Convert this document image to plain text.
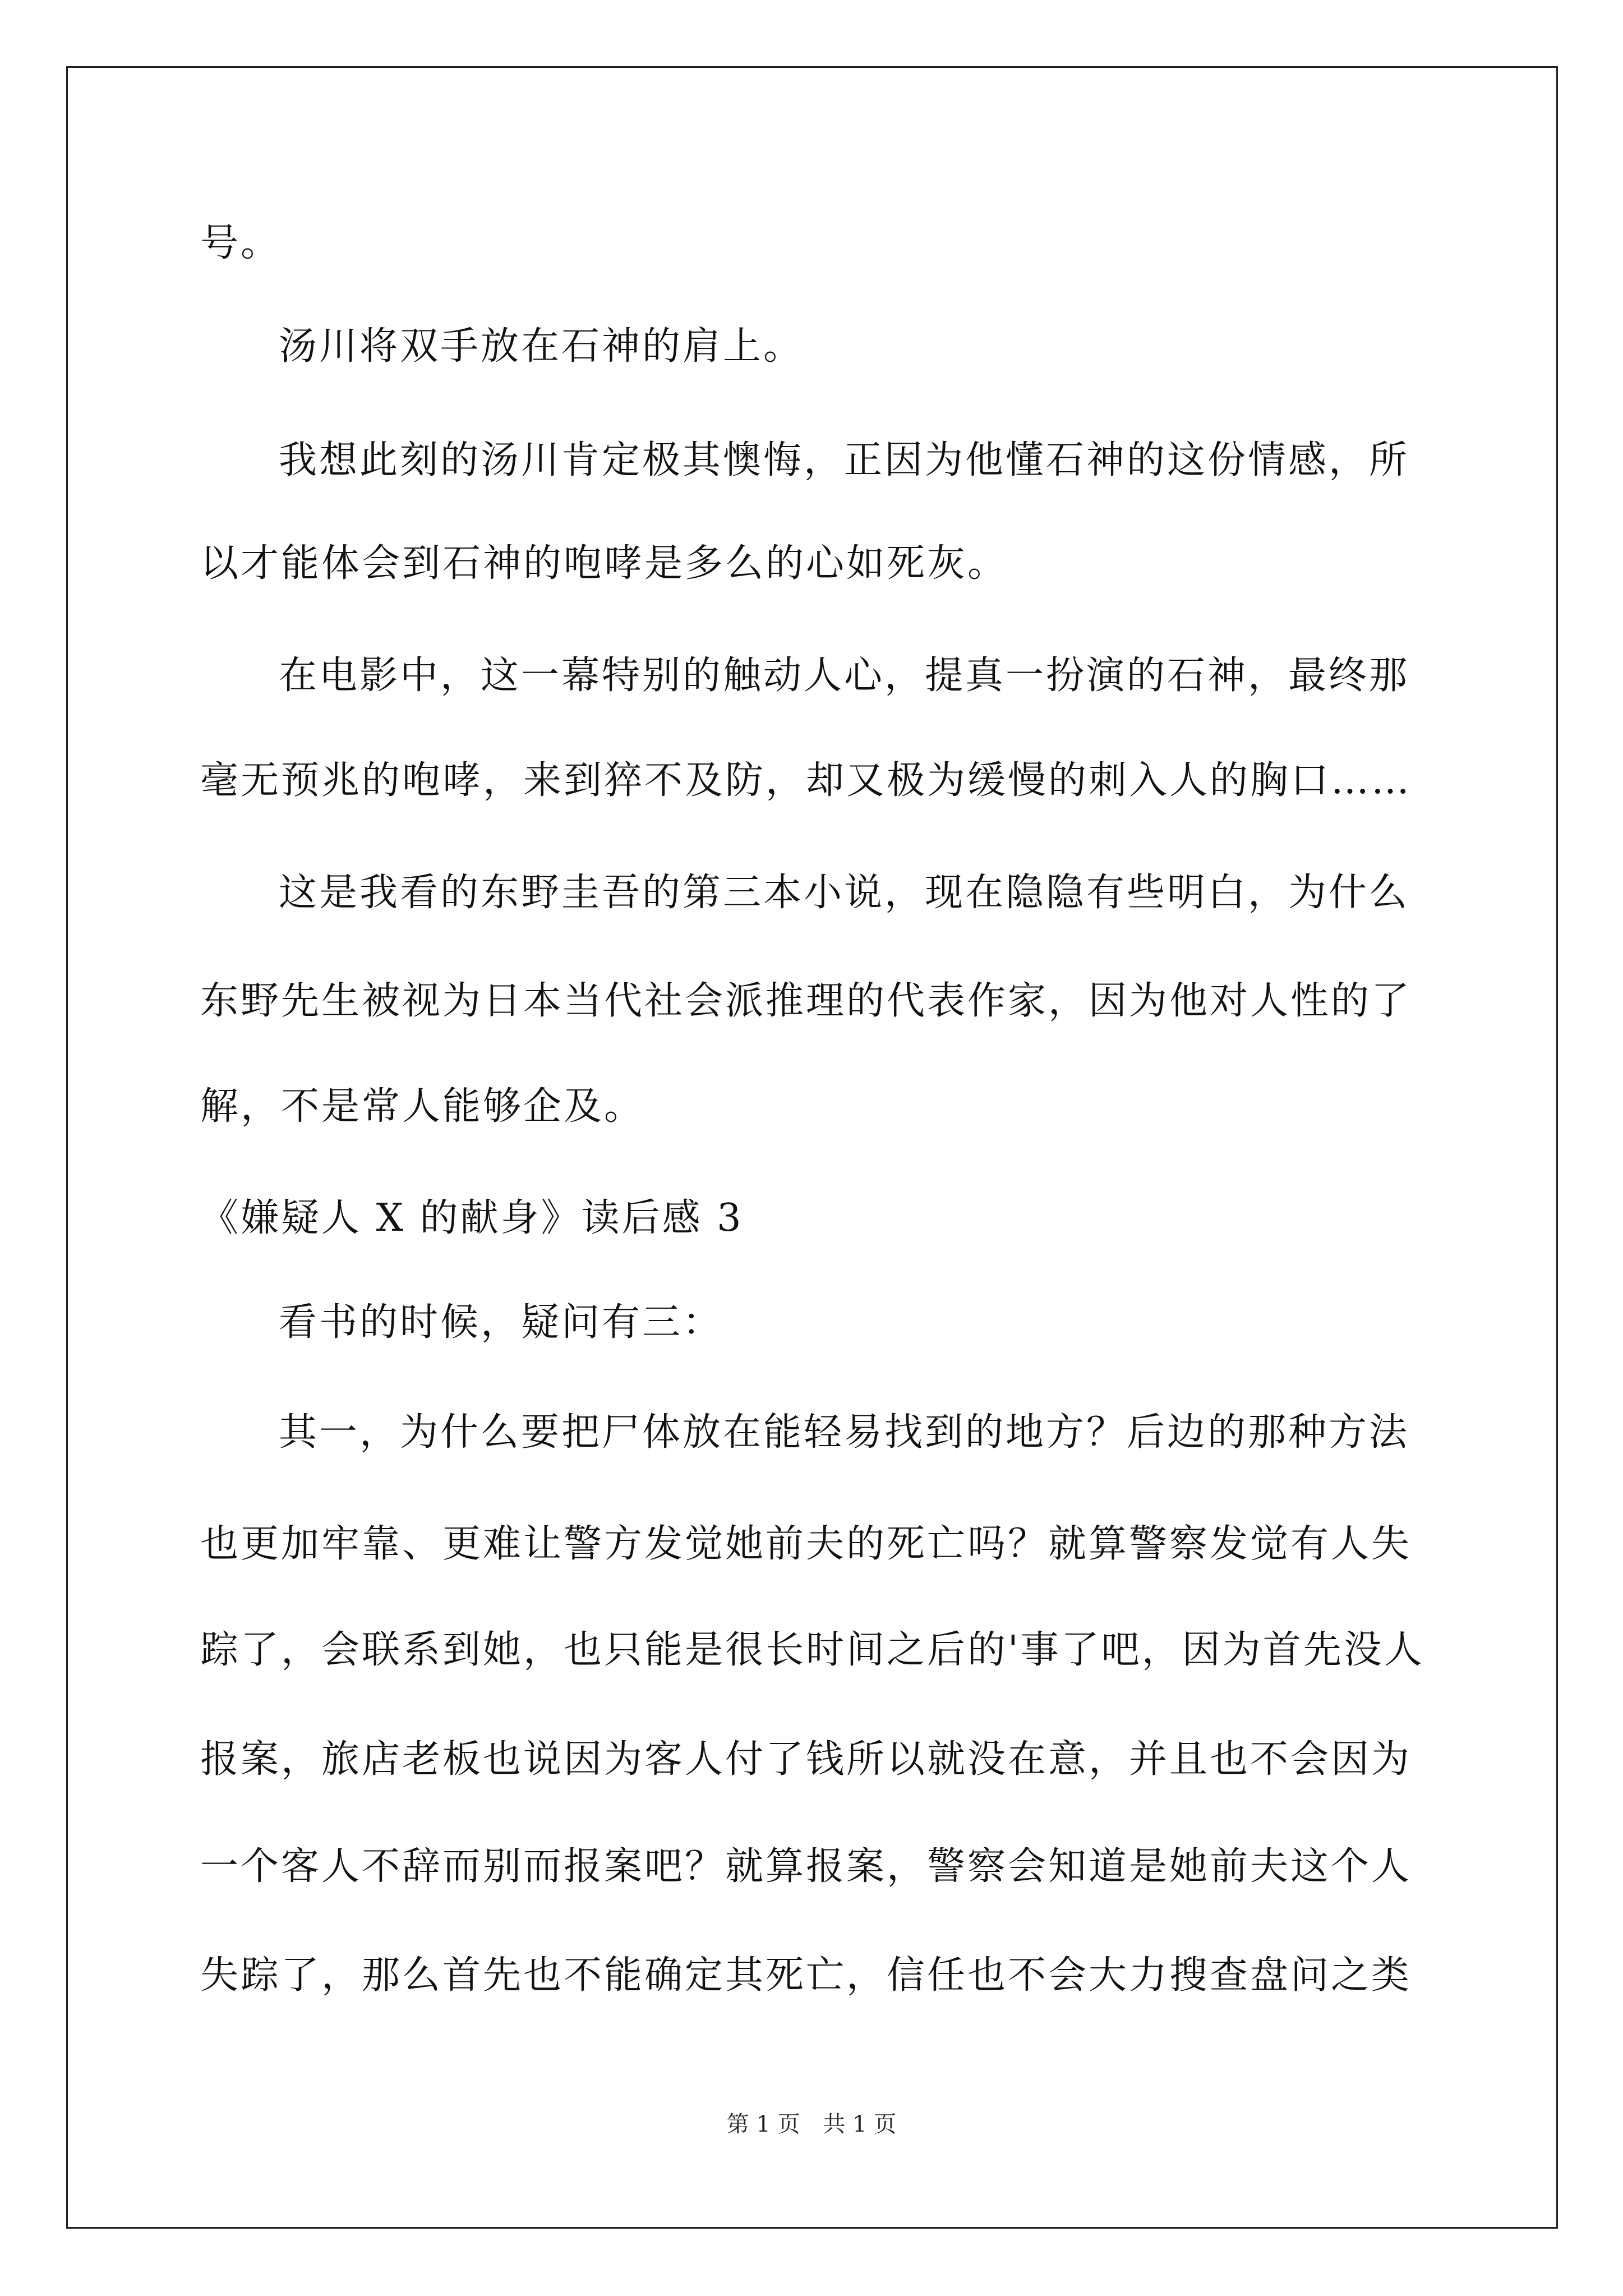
号。
汤川将双手放在石神的肩上。
我想此刻的汤川肯定极其懊悔，正因为他懂石神的这份情感，所
以才能体会到石神的咆哮是多么的心如死灰。
在电影中，这一幕特别的触动人心，提真一扮演的石神，最终那
毫无预兆的咆哮，来到猝不及防，却又极为缓慢的刺入人的胸口……
这是我看的东野圭吾的第三本小说，现在隐隐有些明白，为什么
东野先生被视为日本当代社会派推理的代表作家，因为他对人性的了
解，不是常人能够企及。
《嫌疑人 X 的献身》读后感 3
看书的时候，疑问有三：
其一，为什么要把尸体放在能轻易找到的地方？后边的那种方法
也更加牢靠、更难让警方发觉她前夫的死亡吗？就算警察发觉有人失
踪了，会联系到她，也只能是很长时间之后的'事了吧，因为首先没人
报案，旅店老板也说因为客人付了钱所以就没在意，并且也不会因为
一个客人不辞而别而报案吧？就算报案，警察会知道是她前夫这个人
失踪了，那么首先也不能确定其死亡，信任也不会大力搜查盘问之类
第 1 页 共 1 页
